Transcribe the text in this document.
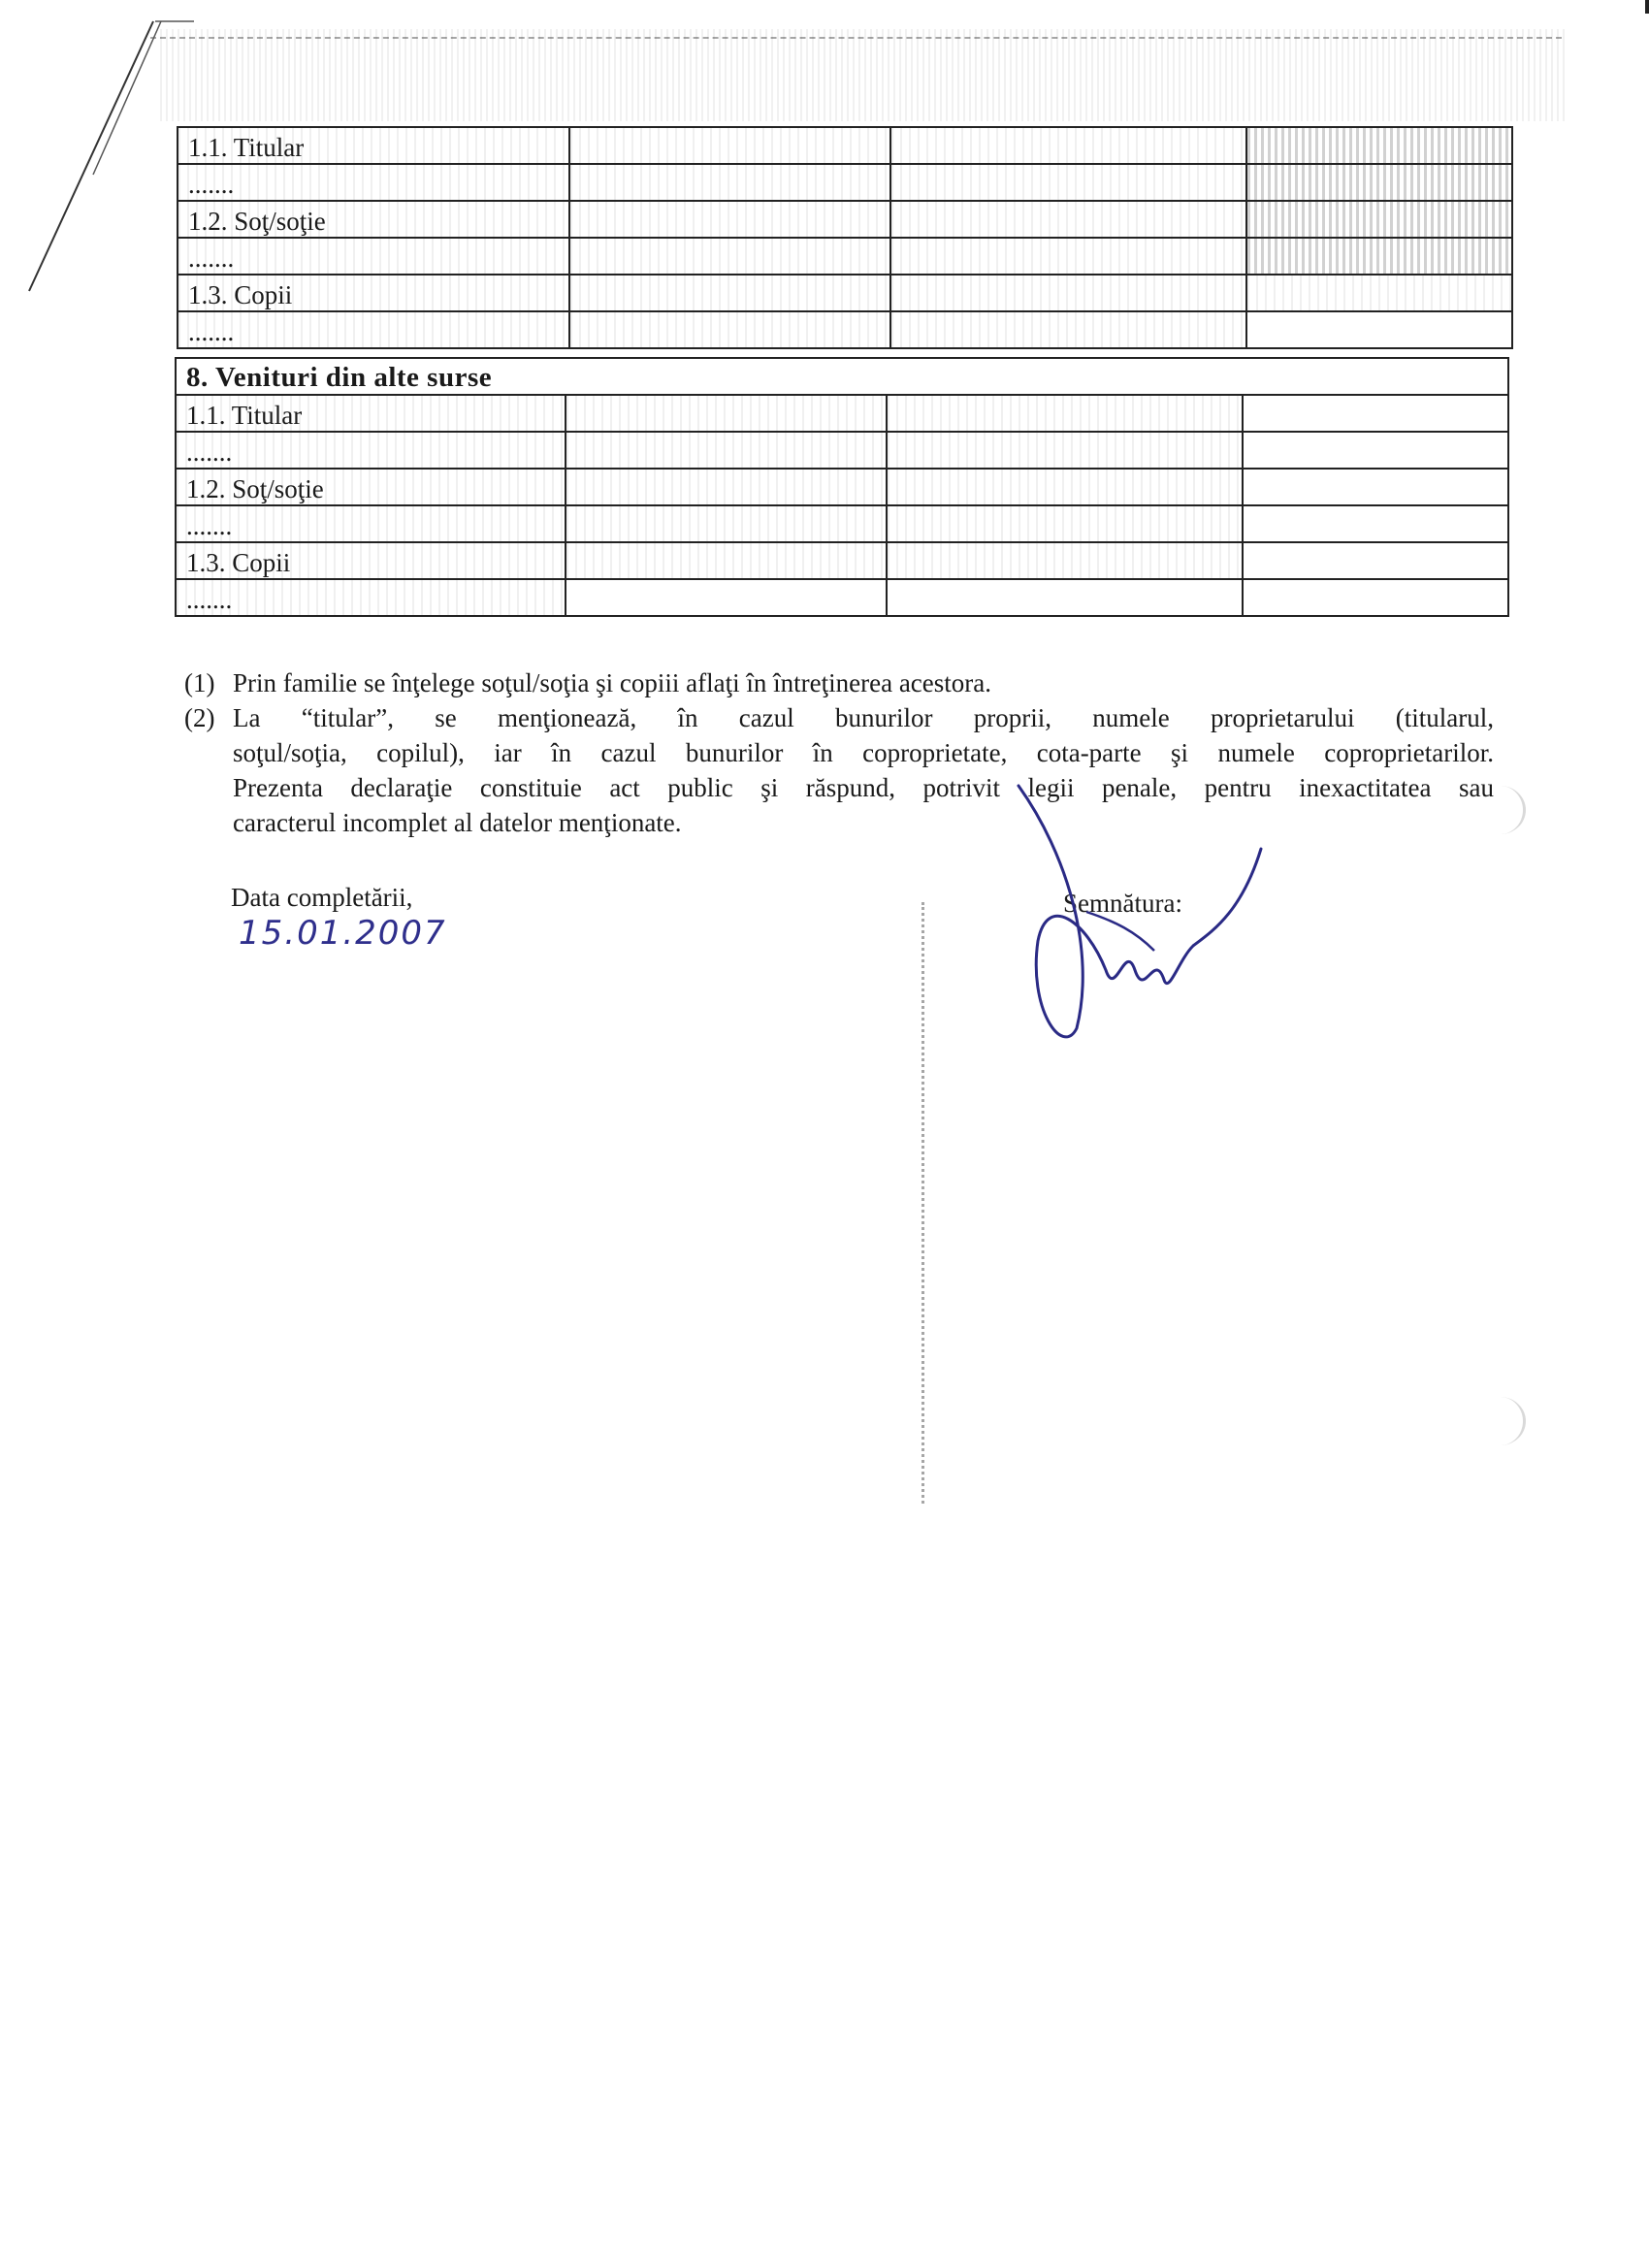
1.1. Titular			
.......			
1.2. Soţ/soţie			
.......			
1.3. Copii			
.......			
8. Venituri din alte surse			
1.1. Titular			
.......			
1.2. Soţ/soţie			
.......			
1.3. Copii			
.......			
(1) Prin familie se înţelege soţul/soţia şi copiii aflaţi în întreţinerea acestora.
(2) La “titular”, se menţionează, în cazul bunurilor proprii, numele proprietarului (titularul,
soţul/soţia, copilul), iar în cazul bunurilor în coproprietate, cota-parte şi numele coproprietarilor.
Prezenta declaraţie constituie act public şi răspund, potrivit legii penale, pentru inexactitatea sau
caracterul incomplet al datelor menţionate.
Data completării,
15.01.2007
Semnătura:
